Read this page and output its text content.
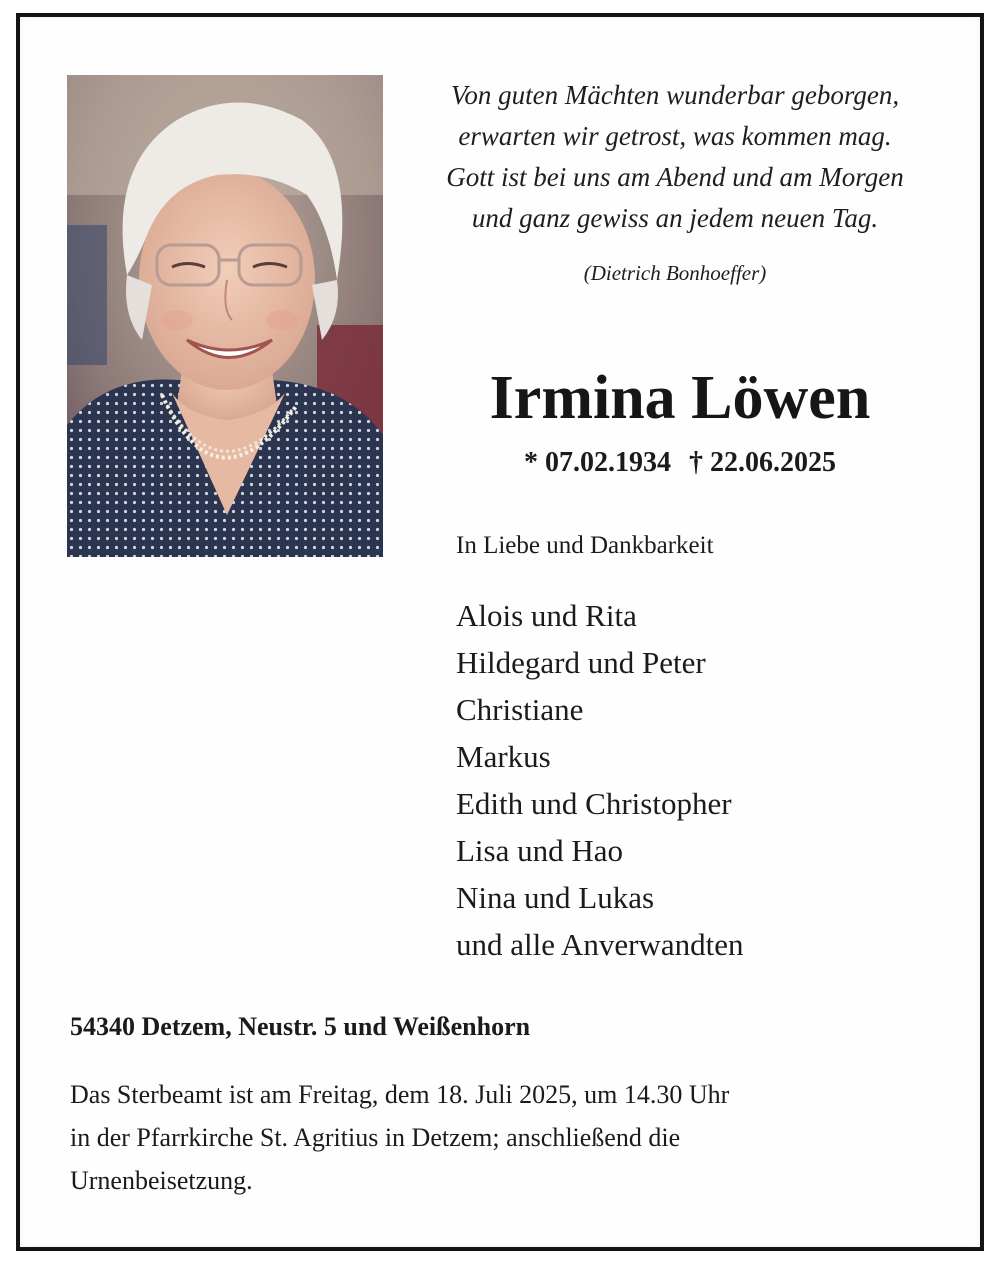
Von guten Mächten wunderbar geborgen,
erwarten wir getrost, was kommen mag.
Gott ist bei uns am Abend und am Morgen
und ganz gewiss an jedem neuen Tag.
(Dietrich Bonhoeffer)
Irmina Löwen
* 07.02.1934 † 22.06.2025
In Liebe und Dankbarkeit
Alois und Rita
Hildegard und Peter
Christiane
Markus
Edith und Christopher
Lisa und Hao
Nina und Lukas
und alle Anverwandten
54340 Detzem, Neustr. 5 und Weißenhorn
Das Sterbeamt ist am Freitag, dem 18. Juli 2025, um 14.30 Uhr
in der Pfarrkirche St. Agritius in Detzem; anschließend die
Urnenbeisetzung.
